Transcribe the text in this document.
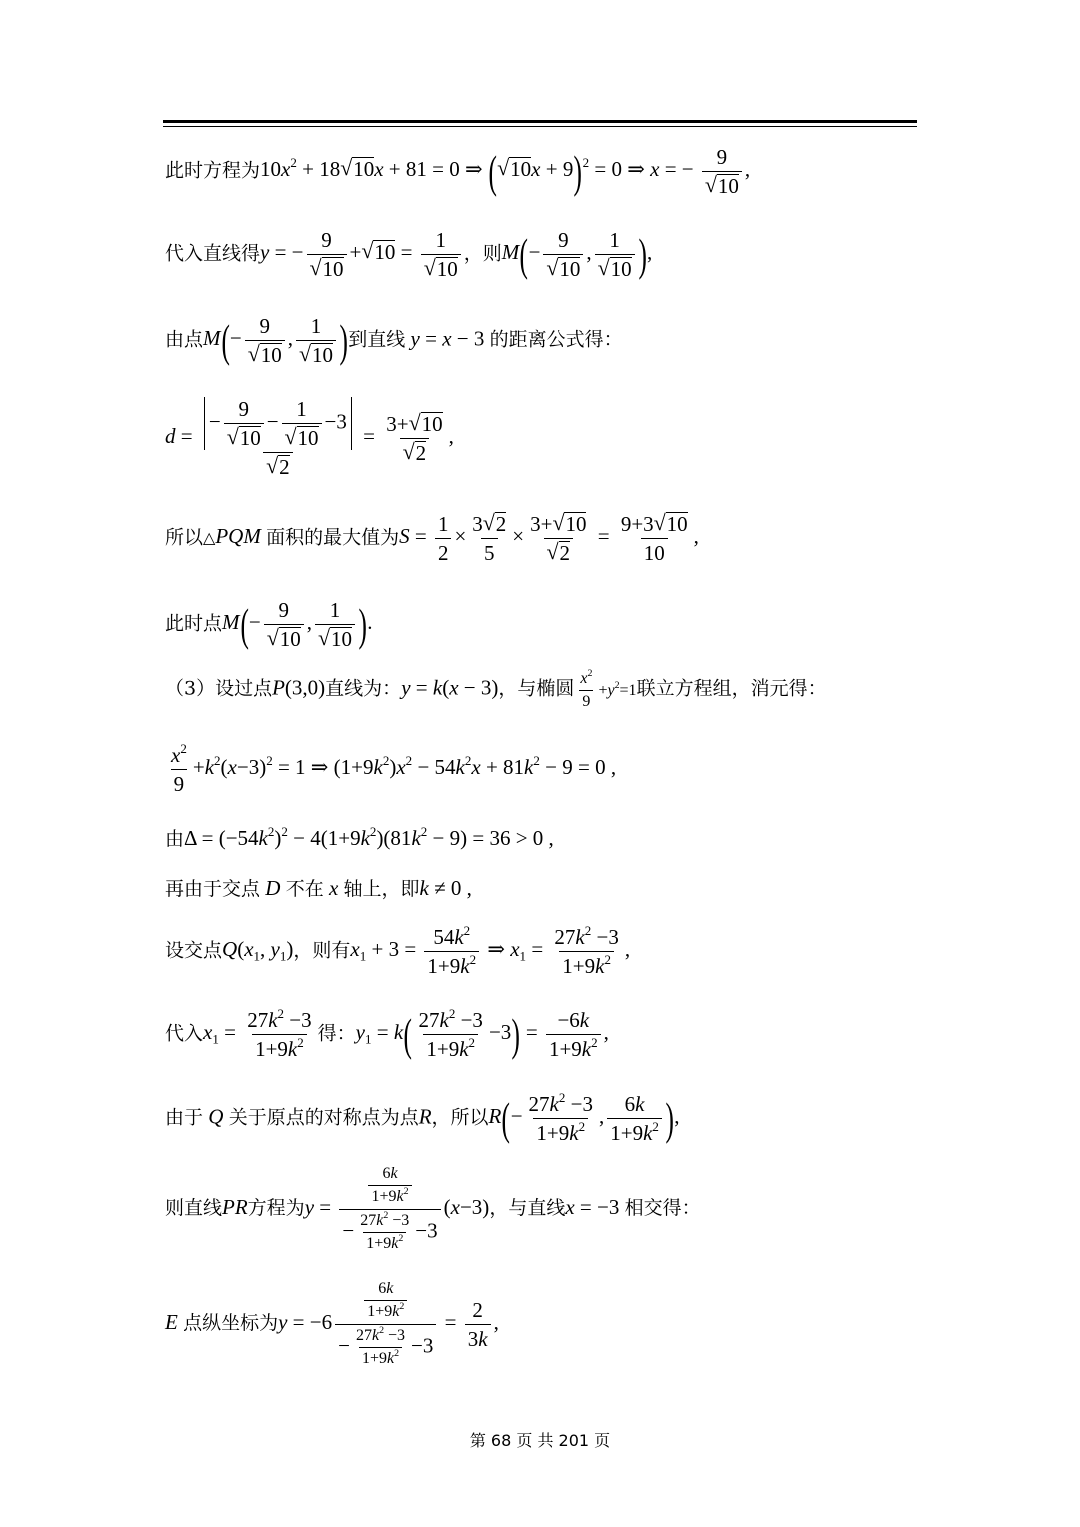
此时方程为$10x^2 + 18√$ 10x + 81 = 0 ⇒ (√ 10x + 9)$^2$ = 0 ⇒ x = − 9
√ 10 ,
代入直线得y = − 9
√ 10 +√ 10 = 1
√ 10 ，则M(− 9
√ 10 , 1
√ 10 ),
由点M(− 9
√ 10 , 1
√ 10 )到直线 y = x − 3 的距离公式得：
d = − 9
√ 10 − 1
√ 10 −3
√ 2 = 3+√ 10
√ 2 ,
所以△PQM 面积的最大值为$S = \frac{1}{2} \times \frac{3√ 2}{5} \times 3+√$ 10
√ $2 = \frac{9+3√ 10}{10}$ ,
此时点M(− 9
√ 10 , 1
√ 10 ).
（3）设过点P(3,0)直线为：y = k(x − 3)，与椭圆 $\frac{x^2}{9} +y^2=1$联立方程组，消元得：
$\frac{x^2}{9} +k^2(x-3)^2 = 1$ ⇒ $(1+9k^2)x^2 - 54k^2x + 81k^2 - 9 = 0$ ,
由$\Delta = (-54k^2)^2 - 4(1+9k^2)(81k^2 - 9) = 36 > 0$ ,
再由于交点 D 不在 x 轴上，即k ≠ 0 ,
设交点$Q(x_1$, $y_1$)，则有$x_1 + 3 = \frac{54k^2}{1+9k^2}$ ⇒ $x_1 = \frac{27k^2 -3}{1+9k^2}$ ,
代入$x_1 = \frac{27k^2 -3}{1+9k^2}$ 得：$y_1 = k( \frac{27k^2 -3}{1+9k^2} -3) = \frac{-6k}{1+9k^2}$ ,
由于 Q 关于原点的对称点为点R，所以$R(- \frac{27k^2 -3}{1+9k^2}$ , $\frac{6k}{1+9k^2}$ ),
则直线PR方程为$y = \frac{\frac{6k}{1+9k^2}}{- \frac{27k^2 -3}{1+9k^2} -3} (x-3)$，与直线x = −3 相交得：
E 点纵坐标为$y = -6 \frac{\frac{6k}{1+9k^2}}{- \frac{27k^2 -3}{1+9k^2} -3} = \frac{2}{3k}$ ,
第 68 页 共 201 页
